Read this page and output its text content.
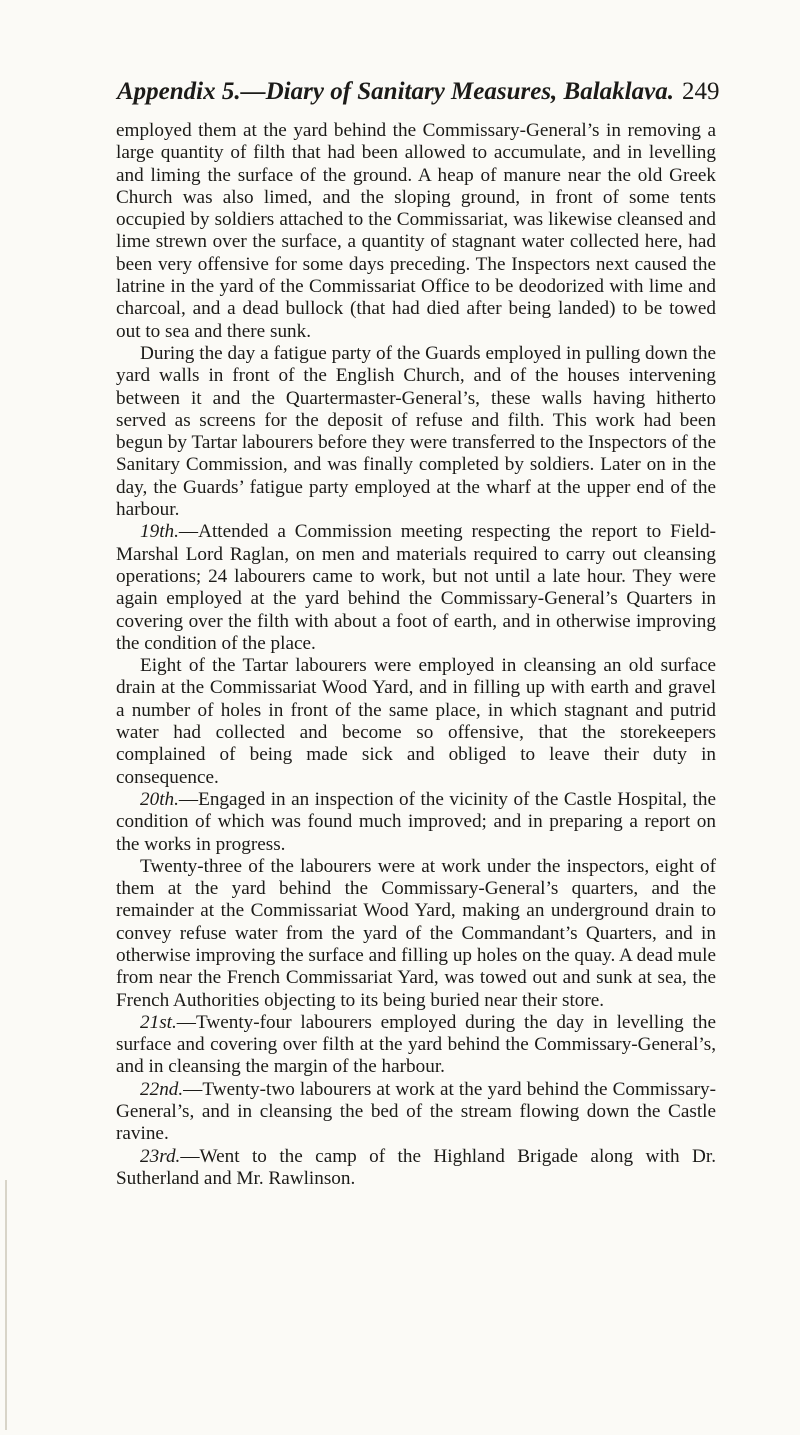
Appendix 5.—Diary of Sanitary Measures, Balaklava. 249

employed them at the yard behind the Commissary-General’s in removing a large quantity of filth that had been allowed to accumulate, and in levelling and liming the surface of the ground. A heap of manure near the old Greek Church was also limed, and the sloping ground, in front of some tents occupied by soldiers attached to the Commissariat, was likewise cleansed and lime strewn over the surface, a quantity of stagnant water collected here, had been very offensive for some days preceding. The Inspectors next caused the latrine in the yard of the Commissariat Office to be deodorized with lime and charcoal, and a dead bullock (that had died after being landed) to be towed out to sea and there sunk.

During the day a fatigue party of the Guards employed in pulling down the yard walls in front of the English Church, and of the houses intervening between it and the Quartermaster-General’s, these walls having hitherto served as screens for the deposit of refuse and filth. This work had been begun by Tartar labourers before they were transferred to the Inspectors of the Sanitary Commission, and was finally completed by soldiers. Later on in the day, the Guards’ fatigue party employed at the wharf at the upper end of the harbour.

19th.—Attended a Commission meeting respecting the report to Field-Marshal Lord Raglan, on men and materials required to carry out cleansing operations; 24 labourers came to work, but not until a late hour. They were again employed at the yard behind the Commissary-General’s Quarters in covering over the filth with about a foot of earth, and in otherwise improving the condition of the place.

Eight of the Tartar labourers were employed in cleansing an old surface drain at the Commissariat Wood Yard, and in filling up with earth and gravel a number of holes in front of the same place, in which stagnant and putrid water had collected and become so offensive, that the storekeepers complained of being made sick and obliged to leave their duty in consequence.

20th.—Engaged in an inspection of the vicinity of the Castle Hospital, the condition of which was found much improved; and in preparing a report on the works in progress.

Twenty-three of the labourers were at work under the inspectors, eight of them at the yard behind the Commissary-General’s quarters, and the remainder at the Commissariat Wood Yard, making an underground drain to convey refuse water from the yard of the Commandant’s Quarters, and in otherwise improving the surface and filling up holes on the quay. A dead mule from near the French Commissariat Yard, was towed out and sunk at sea, the French Authorities objecting to its being buried near their store.

21st.—Twenty-four labourers employed during the day in levelling the surface and covering over filth at the yard behind the Commissary-General’s, and in cleansing the margin of the harbour.

22nd.—Twenty-two labourers at work at the yard behind the Commissary-General’s, and in cleansing the bed of the stream flowing down the Castle ravine.

23rd.—Went to the camp of the Highland Brigade along with Dr. Sutherland and Mr. Rawlinson.
